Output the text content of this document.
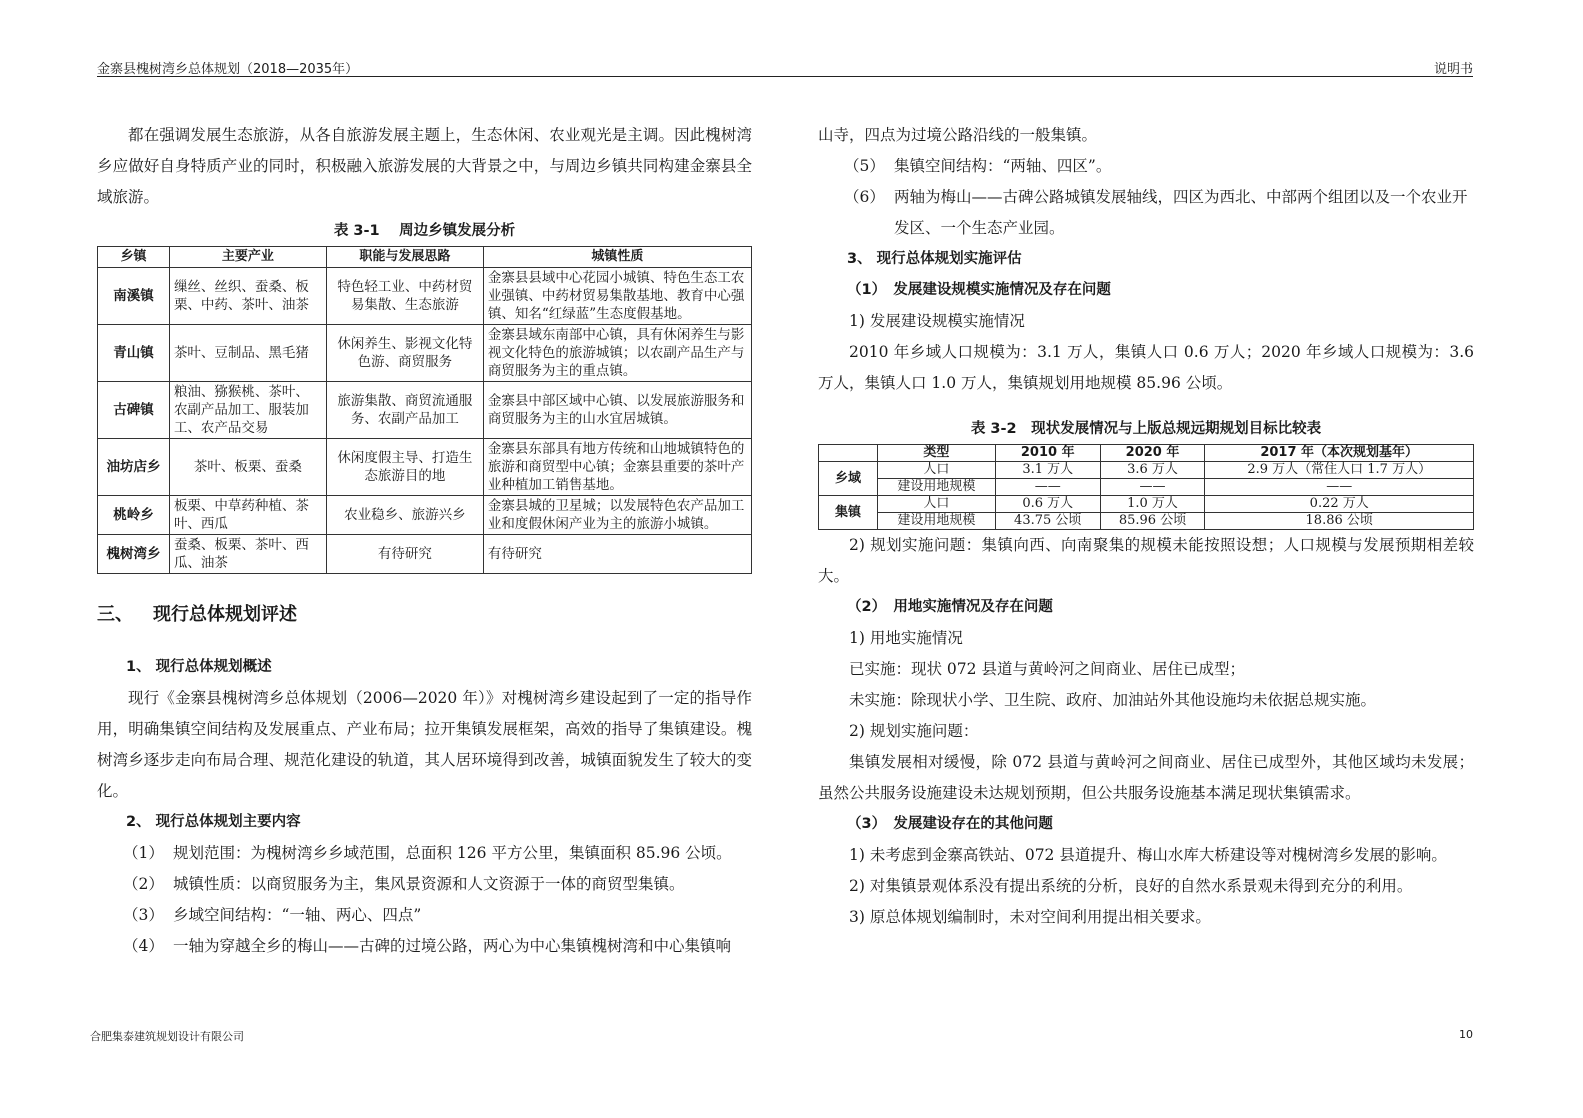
金寨县槐树湾乡总体规划（2018—2035年）	说明书

都在强调发展生态旅游，从各自旅游发展主题上，生态休闲、农业观光是主调。因此槐树湾乡应做好自身特质产业的同时，积极融入旅游发展的大背景之中，与周边乡镇共同构建金寨县全域旅游。

表 3-1　 周边乡镇发展分析
乡镇	主要产业	职能与发展思路	城镇性质
南溪镇	缫丝、丝织、蚕桑、板栗、中药、茶叶、油茶	特色轻工业、中药材贸易集散、生态旅游	金寨县县域中心花园小城镇、特色生态工农业强镇、中药材贸易集散基地、教育中心强镇、知名“红绿蓝”生态度假基地。
青山镇	茶叶、豆制品、黑毛猪	休闲养生、影视文化特色游、商贸服务	金寨县域东南部中心镇，具有休闲养生与影视文化特色的旅游城镇；以农副产品生产与商贸服务为主的重点镇。
古碑镇	粮油、猕猴桃、茶叶、农副产品加工、服装加工、农产品交易	旅游集散、商贸流通服务、农副产品加工	金寨县中部区域中心镇、以发展旅游服务和商贸服务为主的山水宜居城镇。
油坊店乡	茶叶、板栗、蚕桑	休闲度假主导、打造生态旅游目的地	金寨县东部具有地方传统和山地城镇特色的旅游和商贸型中心镇；金寨县重要的茶叶产业种植加工销售基地。
桃岭乡	板栗、中草药种植、茶叶、西瓜	农业稳乡、旅游兴乡	金寨县城的卫星城；以发展特色农产品加工业和度假休闲产业为主的旅游小城镇。
槐树湾乡	蚕桑、板栗、茶叶、西瓜、油茶	有待研究	有待研究
三、 现行总体规划评述

1、 现行总体规划概述

现行《金寨县槐树湾乡总体规划（2006—2020 年）》对槐树湾乡建设起到了一定的指导作用，明确集镇空间结构及发展重点、产业布局；拉开集镇发展框架，高效的指导了集镇建设。槐树湾乡逐步走向布局合理、规范化建设的轨道，其人居环境得到改善，城镇面貌发生了较大的变化。

2、 现行总体规划主要内容

（1） 规划范围：为槐树湾乡乡域范围，总面积 126 平方公里，集镇面积 85.96 公顷。
（2） 城镇性质：以商贸服务为主，集风景资源和人文资源于一体的商贸型集镇。
（3） 乡域空间结构：“一轴、两心、四点”
（4） 一轴为穿越全乡的梅山——古碑的过境公路，两心为中心集镇槐树湾和中心集镇响

山寺，四点为过境公路沿线的一般集镇。

（5） 集镇空间结构：“两轴、四区”。
（6） 两轴为梅山——古碑公路城镇发展轴线，四区为西北、中部两个组团以及一个农业开发区、一个生态产业园。

3、 现行总体规划实施评估

（1）　发展建设规模实施情况及存在问题

1) 发展建设规模实施情况

2010 年乡域人口规模为：3.1 万人，集镇人口 0.6 万人；2020 年乡域人口规模为：3.6 万人，集镇人口 1.0 万人，集镇规划用地规模 85.96 公顷。

表 3-2　现状发展情况与上版总规远期规划目标比较表
	类型	2010 年	2020 年	2017 年（本次规划基年）
乡域	人口	3.1 万人	3.6 万人	2.9 万人（常住人口 1.7 万人）
	建设用地规模	——	——	——
集镇	人口	0.6 万人	1.0 万人	0.22 万人
	建设用地规模	43.75 公顷	85.96 公顷	18.86 公顷

2) 规划实施问题：集镇向西、向南聚集的规模未能按照设想；人口规模与发展预期相差较大。

（2）　用地实施情况及存在问题

1) 用地实施情况

已实施：现状 072 县道与黄岭河之间商业、居住已成型；

未实施：除现状小学、卫生院、政府、加油站外其他设施均未依据总规实施。

2) 规划实施问题：

集镇发展相对缓慢，除 072 县道与黄岭河之间商业、居住已成型外，其他区域均未发展；虽然公共服务设施建设未达规划预期，但公共服务设施基本满足现状集镇需求。

（3）　发展建设存在的其他问题

1) 未考虑到金寨高铁站、072 县道提升、梅山水库大桥建设等对槐树湾乡发展的影响。

2) 对集镇景观体系没有提出系统的分析，良好的自然水系景观未得到充分的利用。

3) 原总体规划编制时，未对空间利用提出相关要求。

合肥集泰建筑规划设计有限公司	10
